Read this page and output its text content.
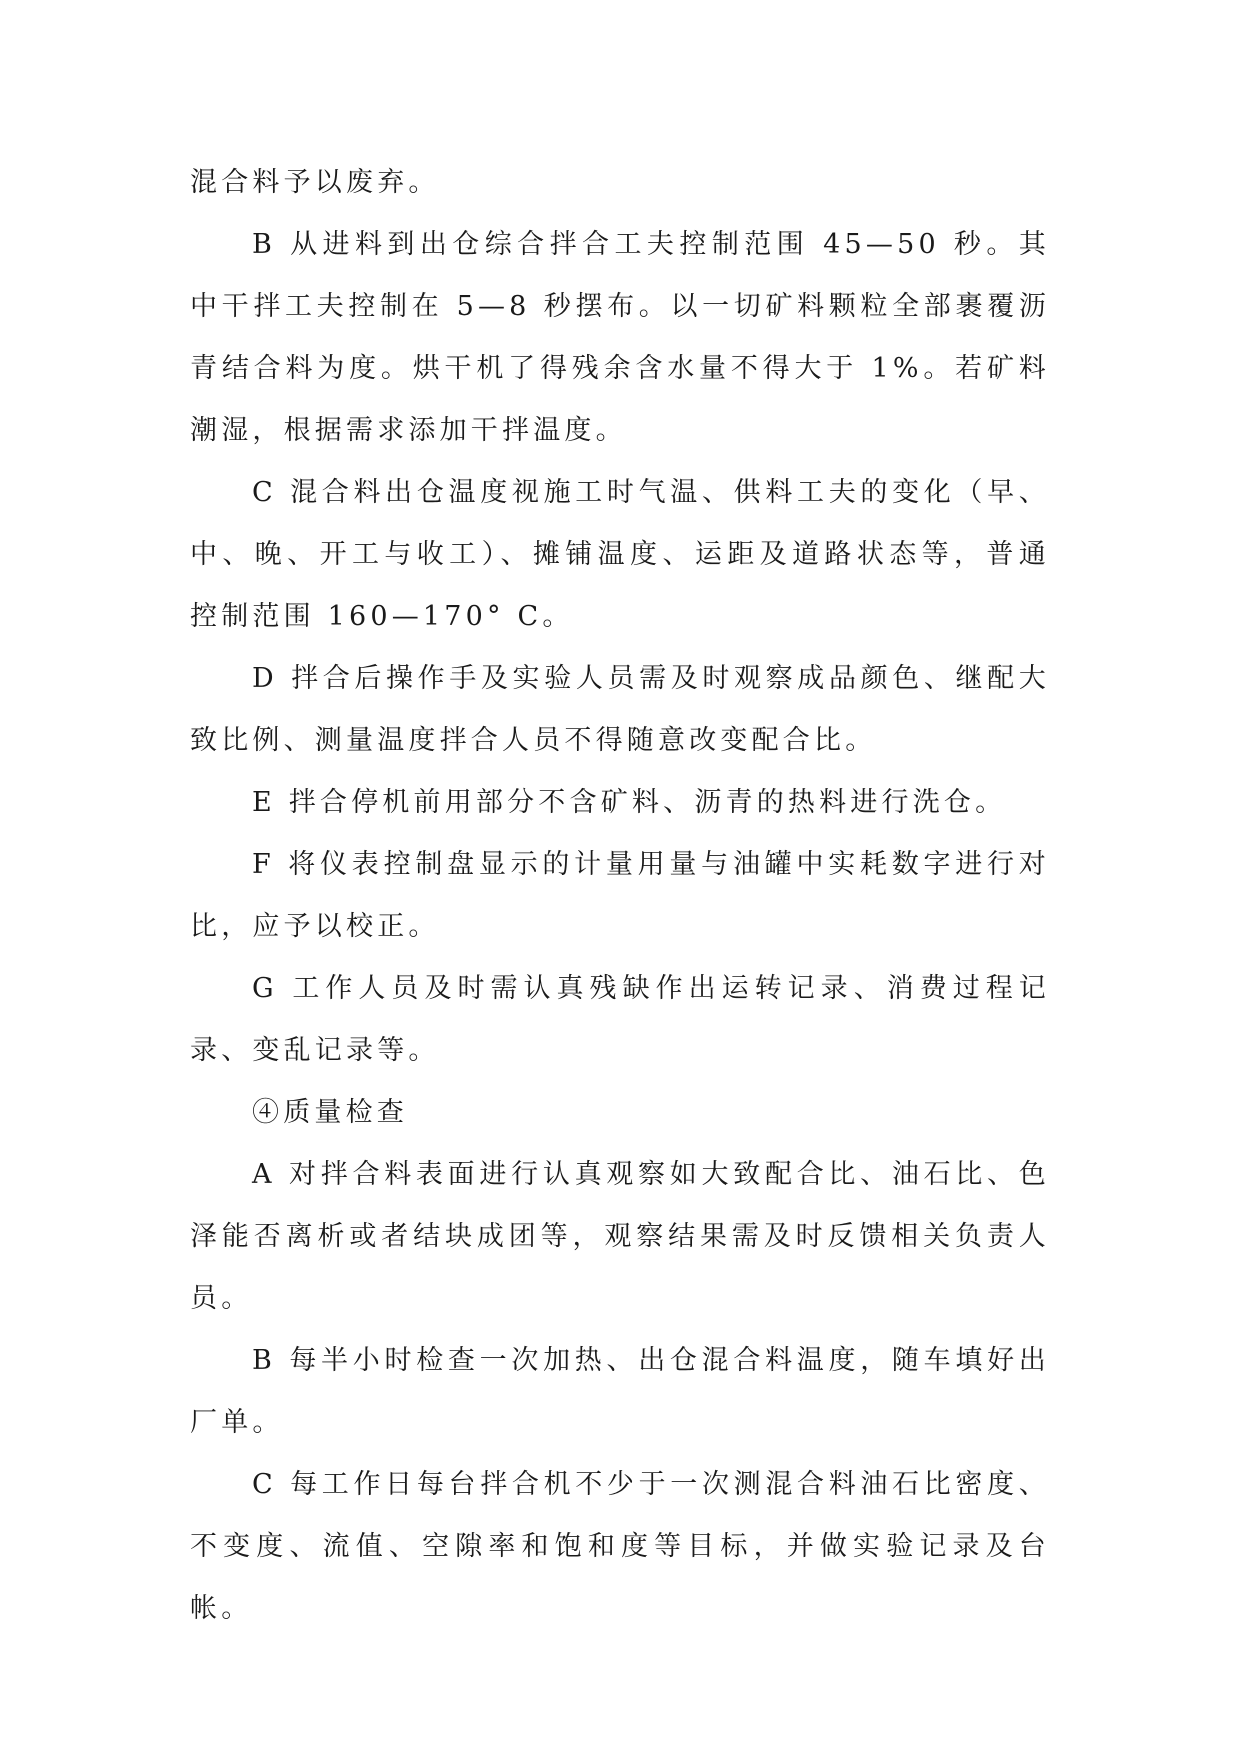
混合料予以废弃。

B 从进料到出仓综合拌合工夫控制范围 45—50 秒。其中干拌工夫控制在 5—8 秒摆布。以一切矿料颗粒全部裹覆沥青结合料为度。烘干机了得残余含水量不得大于 1%。若矿料潮湿，根据需求添加干拌温度。

C 混合料出仓温度视施工时气温、供料工夫的变化（早、中、晚、开工与收工）、摊铺温度、运距及道路状态等，普通控制范围 160—170° C。

D 拌合后操作手及实验人员需及时观察成品颜色、继配大致比例、测量温度拌合人员不得随意改变配合比。

E 拌合停机前用部分不含矿料、沥青的热料进行洗仓。

F 将仪表控制盘显示的计量用量与油罐中实耗数字进行对比，应予以校正。

G 工作人员及时需认真残缺作出运转记录、消费过程记录、变乱记录等。

④质量检查

A 对拌合料表面进行认真观察如大致配合比、油石比、色泽能否离析或者结块成团等，观察结果需及时反馈相关负责人员。

B 每半小时检查一次加热、出仓混合料温度，随车填好出厂单。

C 每工作日每台拌合机不少于一次测混合料油石比密度、不变度、流值、空隙率和饱和度等目标，并做实验记录及台帐。
